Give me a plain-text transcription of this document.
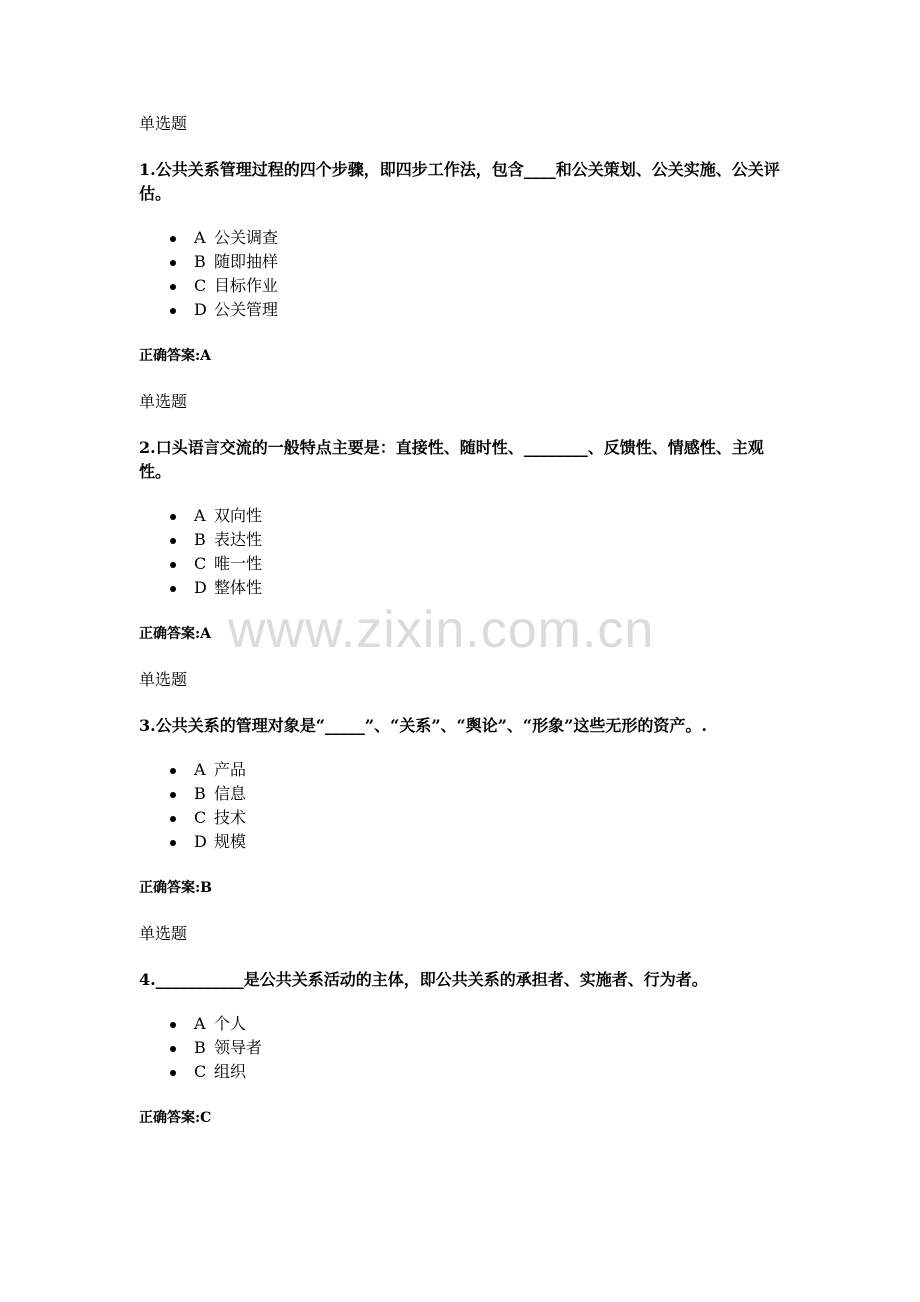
单选题

1.公共关系管理过程的四个步骤，即四步工作法，包含____和公关策划、公关实施、公关评估。

A 公关调查
B 随即抽样
C 目标作业
D 公关管理

正确答案:A

单选题

2.口头语言交流的一般特点主要是：直接性、随时性、________、反馈性、情感性、主观性。

A 双向性
B 表达性
C 唯一性
D 整体性

正确答案:A

单选题

3.公共关系的管理对象是“_____”、“关系”、“舆论”、“形象”这些无形的资产。.

A 产品
B 信息
C 技术
D 规模

正确答案:B

单选题

4.___________是公共关系活动的主体，即公共关系的承担者、实施者、行为者。

A 个人
B 领导者
C 组织

正确答案:C

www.zixin.com.cn
